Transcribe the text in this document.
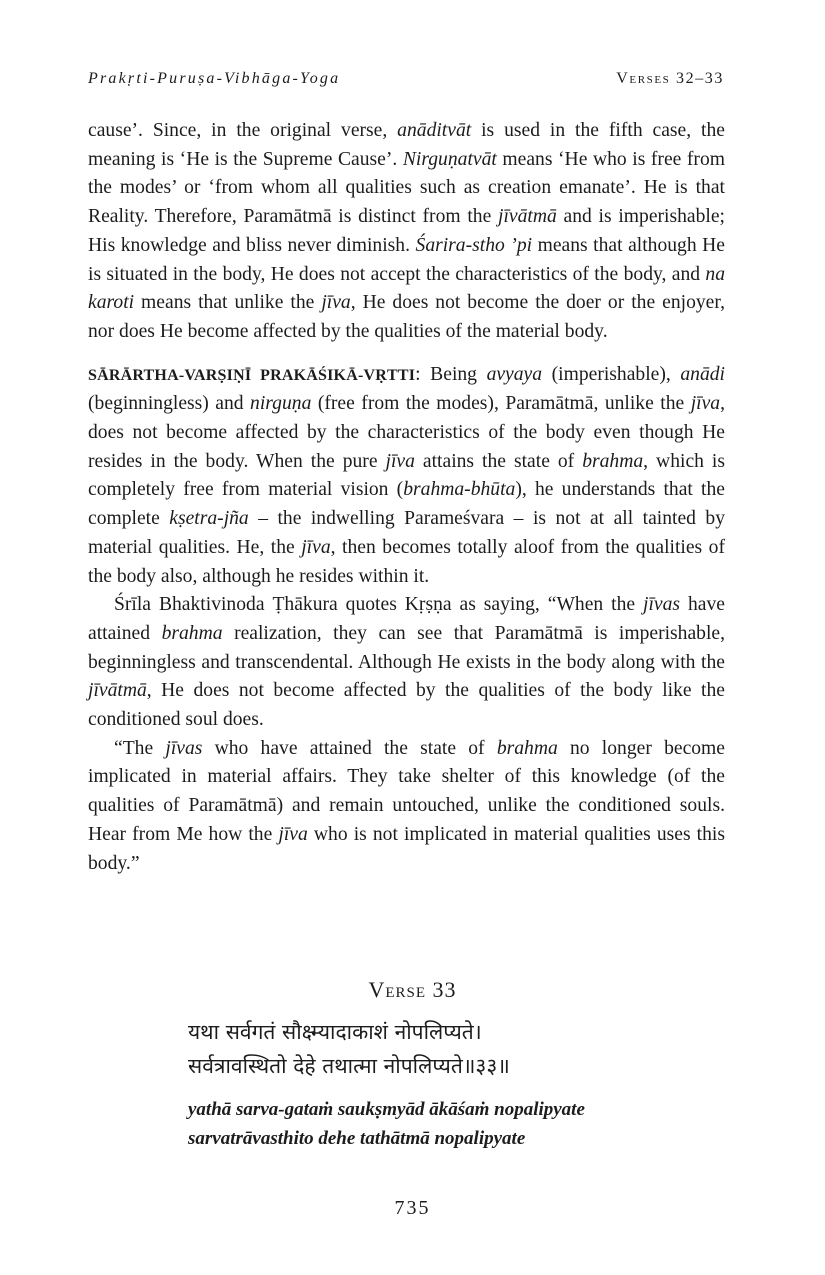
Prakṛti-Puruṣa-Vibhāga-Yoga	Verses 32–33

cause’. Since, in the original verse, anāditvāt is used in the fifth case, the meaning is ‘He is the Supreme Cause’. Nirguṇatvāt means ‘He who is free from the modes’ or ‘from whom all qualities such as creation emanate’. He is that Reality. Therefore, Paramātmā is distinct from the jīvātmā and is imperishable; His knowledge and bliss never diminish. Śarira-stho ’pi means that although He is situated in the body, He does not accept the characteristics of the body, and na karoti means that unlike the jīva, He does not become the doer or the enjoyer, nor does He become affected by the qualities of the material body.

SĀRĀRTHA-VARṢIṆĪ PRAKĀŚIKĀ-VṚTTI: Being avyaya (imperishable), anādi (beginningless) and nirguṇa (free from the modes), Paramātmā, unlike the jīva, does not become affected by the characteristics of the body even though He resides in the body. When the pure jīva attains the state of brahma, which is completely free from material vision (brahma-bhūta), he understands that the complete kṣetra-jña – the indwelling Parameśvara – is not at all tainted by material qualities. He, the jīva, then becomes totally aloof from the qualities of the body also, although he resides within it.

Śrīla Bhaktivinoda Ṭhākura quotes Kṛṣṇa as saying, “When the jīvas have attained brahma realization, they can see that Paramātmā is imperishable, beginningless and transcendental. Although He exists in the body along with the jīvātmā, He does not become affected by the qualities of the body like the conditioned soul does.

“The jīvas who have attained the state of brahma no longer become implicated in material affairs. They take shelter of this knowledge (of the qualities of Paramātmā) and remain untouched, unlike the conditioned souls. Hear from Me how the jīva who is not implicated in material qualities uses this body.”

Verse 33
यथा सर्वगतं सौक्ष्म्यादाकाशं नोपलिप्यते।
सर्वत्रावस्थितो देहे तथात्मा नोपलिप्यते॥३३॥
yathā sarva-gataṁ saukṣmyād ākāśaṁ nopalipyate
sarvatrāvasthito dehe tathātmā nopalipyate
735
